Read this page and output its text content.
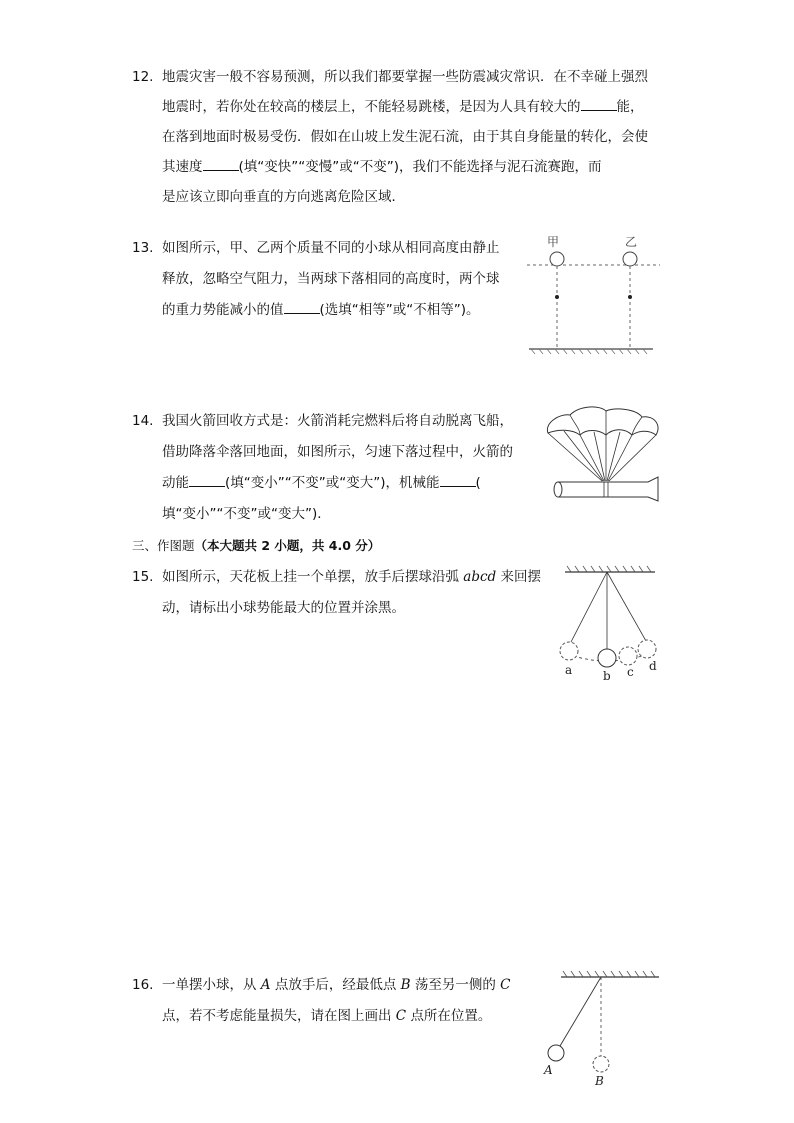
12. 地震灾害一般不容易预测，所以我们都要掌握一些防震减灾常识．在不幸碰上强烈
地震时，若你处在较高的楼层上，不能轻易跳楼，是因为人具有较大的	能，
在落到地面时极易受伤．假如在山坡上发生泥石流，由于其自身能量的转化，会使
其速度	(填“变快”“变慢”或“不变”)，我们不能选择与泥石流赛跑，而
是应该立即向垂直的方向逃离危险区域．
13. 如图所示，甲、乙两个质量不同的小球从相同高度由静止
释放，忽略空气阻力，当两球下落相同的高度时，两个球
的重力势能减小的值	(选填“相等”或“不相等”)。
甲	乙
14. 我国火箭回收方式是：火箭消耗完燃料后将自动脱离飞船，
借助降落伞落回地面，如图所示，匀速下落过程中，火箭的
动能	(填“变小”“不变”或“变大”)，机械能	(
填“变小”“不变”或“变大”)．
三、作图题（本大题共 2 小题，共 4.0 分）
15. 如图所示，天花板上挂一个单摆，放手后摆球沿弧 abcd 来回摆
动，请标出小球势能最大的位置并涂黑。
a	b c d
16. 一单摆小球，从 A 点放手后，经最低点 B 荡至另一侧的 C
点，若不考虑能量损失，请在图上画出 C 点所在位置。
A
B
